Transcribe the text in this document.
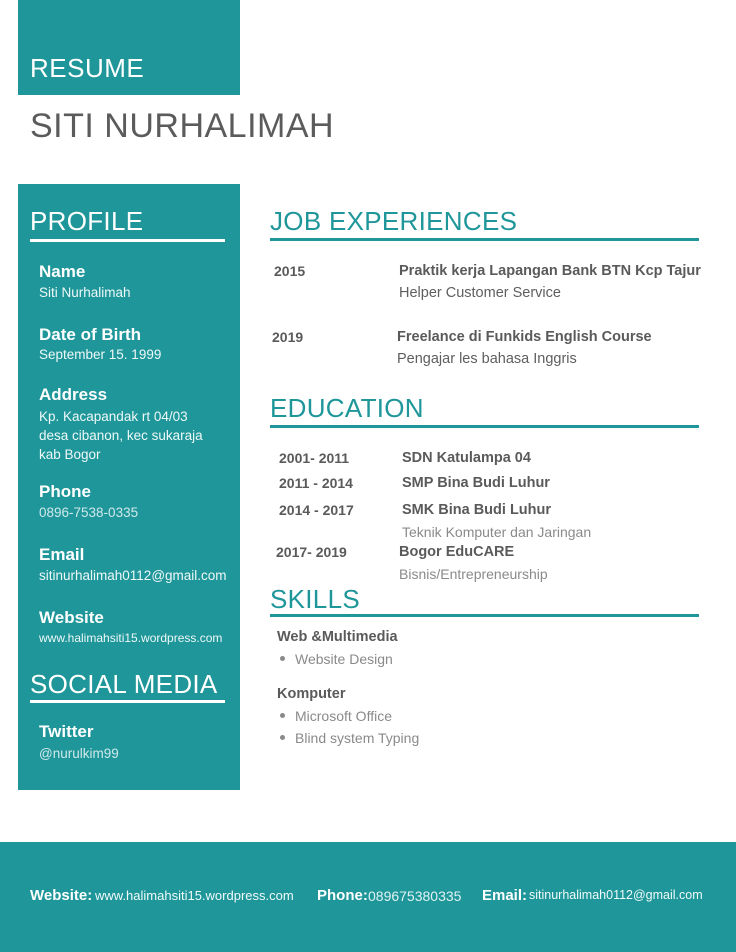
RESUME
SITI NURHALIMAH
PROFILE
Name
Siti Nurhalimah
Date of Birth
September 15. 1999
Address
Kp. Kacapandak rt 04/03
desa cibanon, kec sukaraja
kab Bogor
Phone
0896-7538-0335
Email
sitinurhalimah0112@gmail.com
Website
www.halimahsiti15.wordpress.com
SOCIAL MEDIA
Twitter
@nurulkim99
JOB EXPERIENCES
2015	Praktik kerja Lapangan Bank BTN Kcp Tajur
Helper Customer Service
2019	Freelance di Funkids English Course
Pengajar les bahasa Inggris
EDUCATION
2001- 2011	SDN Katulampa 04
2011 - 2014	SMP Bina Budi Luhur
2014 - 2017	SMK Bina Budi Luhur
Teknik Komputer dan Jaringan
2017- 2019	Bogor EduCARE
Bisnis/Entrepreneurship
SKILLS
Web &Multimedia
Website Design
Komputer
Microsoft Office
Blind system Typing
Website: www.halimahsiti15.wordpress.com Phone: 089675380335 Email: sitinurhalimah0112@gmail.com
